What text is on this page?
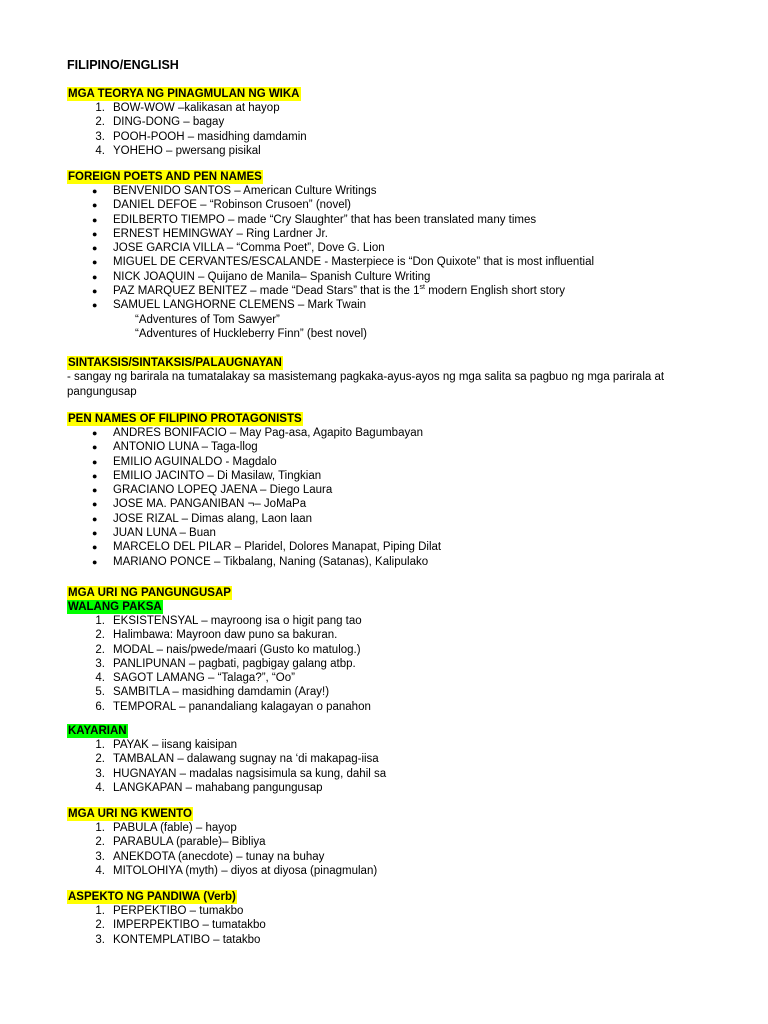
FILIPINO/ENGLISH
MGA TEORYA NG PINAGMULAN NG WIKA
1. BOW-WOW –kalikasan at hayop
2. DING-DONG – bagay
3. POOH-POOH – masidhing damdamin
4. YOHEHO – pwersang pisikal
FOREIGN POETS AND PEN NAMES
● BENVENIDO SANTOS – American Culture Writings
● DANIEL DEFOE – “Robinson Crusoen” (novel)
● EDILBERTO TIEMPO – made “Cry Slaughter” that has been translated many times
● ERNEST HEMINGWAY – Ring Lardner Jr.
● JOSE GARCIA VILLA – “Comma Poet”, Dove G. Lion
● MIGUEL DE CERVANTES/ESCALANDE - Masterpiece is “Don Quixote” that is most influential
● NICK JOAQUIN – Quijano de Manila– Spanish Culture Writing
● PAZ MARQUEZ BENITEZ – made “Dead Stars” that is the 1st modern English short story
● SAMUEL LANGHORNE CLEMENS – Mark Twain
“Adventures of Tom Sawyer”
“Adventures of Huckleberry Finn” (best novel)
SINTAKSIS/SINTAKSIS/PALAUGNAYAN
- sangay ng barirala na tumatalakay sa masistemang pagkaka-ayus-ayos ng mga salita sa pagbuo ng mga parirala at pangungusap
PEN NAMES OF FILIPINO PROTAGONISTS
● ANDRES BONIFACIO – May Pag-asa, Agapito Bagumbayan
● ANTONIO LUNA – Taga-llog
● EMILIO AGUINALDO - Magdalo
● EMILIO JACINTO – Di Masilaw, Tingkian
● GRACIANO LOPEQ JAENA – Diego Laura
● JOSE MA. PANGANIBAN ¬– JoMaPa
● JOSE RIZAL – Dimas alang, Laon laan
● JUAN LUNA – Buan
● MARCELO DEL PILAR – Plaridel, Dolores Manapat, Piping Dilat
● MARIANO PONCE – Tikbalang, Naning (Satanas), Kalipulako
MGA URI NG PANGUNGUSAP
WALANG PAKSA
1. EKSISTENSYAL – mayroong isa o higit pang tao
2. Halimbawa: Mayroon daw puno sa bakuran.
2. MODAL – nais/pwede/maari (Gusto ko matulog.)
3. PANLIPUNAN – pagbati, pagbigay galang atbp.
4. SAGOT LAMANG – “Talaga?”, “Oo”
5. SAMBITLA – masidhing damdamin (Aray!)
6. TEMPORAL – panandaliang kalagayan o panahon
KAYARIAN
1. PAYAK – iisang kaisipan
2. TAMBALAN – dalawang sugnay na ‘di makapag-iisa
3. HUGNAYAN – madalas nagsisimula sa kung, dahil sa
4. LANGKAPAN – mahabang pangungusap
MGA URI NG KWENTO
1. PABULA (fable) – hayop
2. PARABULA (parable)– Bibliya
3. ANEKDOTA (anecdote) – tunay na buhay
4. MITOLOHIYA (myth) – diyos at diyosa (pinagmulan)
ASPEKTO NG PANDIWA (Verb)
1. PERPEKTIBO – tumakbo
2. IMPERPEKTIBO – tumatakbo
3. KONTEMPLATIBO – tatakbo
